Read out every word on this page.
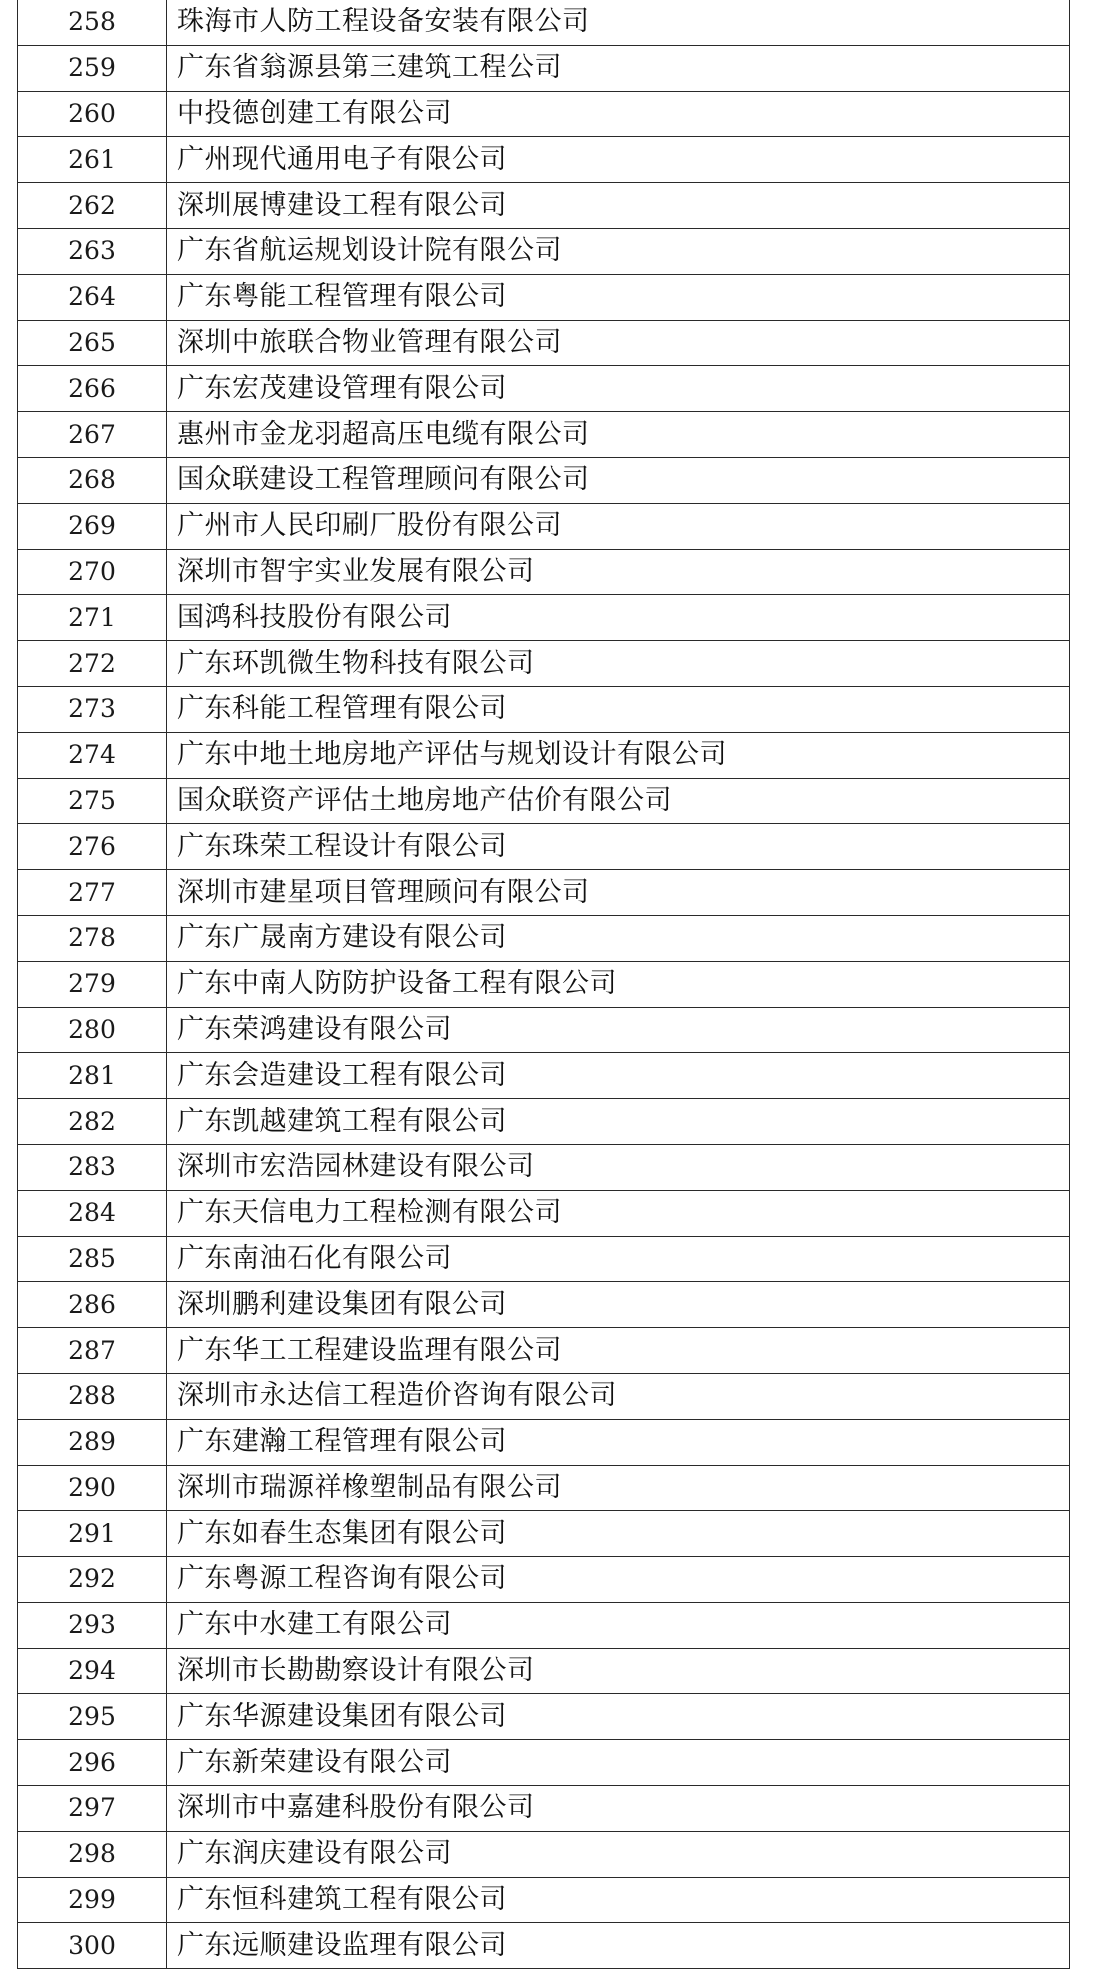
258	珠海市人防工程设备安装有限公司
259	广东省翁源县第三建筑工程公司
260	中投德创建工有限公司
261	广州现代通用电子有限公司
262	深圳展博建设工程有限公司
263	广东省航运规划设计院有限公司
264	广东粤能工程管理有限公司
265	深圳中旅联合物业管理有限公司
266	广东宏茂建设管理有限公司
267	惠州市金龙羽超高压电缆有限公司
268	国众联建设工程管理顾问有限公司
269	广州市人民印刷厂股份有限公司
270	深圳市智宇实业发展有限公司
271	国鸿科技股份有限公司
272	广东环凯微生物科技有限公司
273	广东科能工程管理有限公司
274	广东中地土地房地产评估与规划设计有限公司
275	国众联资产评估土地房地产估价有限公司
276	广东珠荣工程设计有限公司
277	深圳市建星项目管理顾问有限公司
278	广东广晟南方建设有限公司
279	广东中南人防防护设备工程有限公司
280	广东荣鸿建设有限公司
281	广东会造建设工程有限公司
282	广东凯越建筑工程有限公司
283	深圳市宏浩园林建设有限公司
284	广东天信电力工程检测有限公司
285	广东南油石化有限公司
286	深圳鹏利建设集团有限公司
287	广东华工工程建设监理有限公司
288	深圳市永达信工程造价咨询有限公司
289	广东建瀚工程管理有限公司
290	深圳市瑞源祥橡塑制品有限公司
291	广东如春生态集团有限公司
292	广东粤源工程咨询有限公司
293	广东中水建工有限公司
294	深圳市长勘勘察设计有限公司
295	广东华源建设集团有限公司
296	广东新荣建设有限公司
297	深圳市中嘉建科股份有限公司
298	广东润庆建设有限公司
299	广东恒科建筑工程有限公司
300	广东远顺建设监理有限公司
